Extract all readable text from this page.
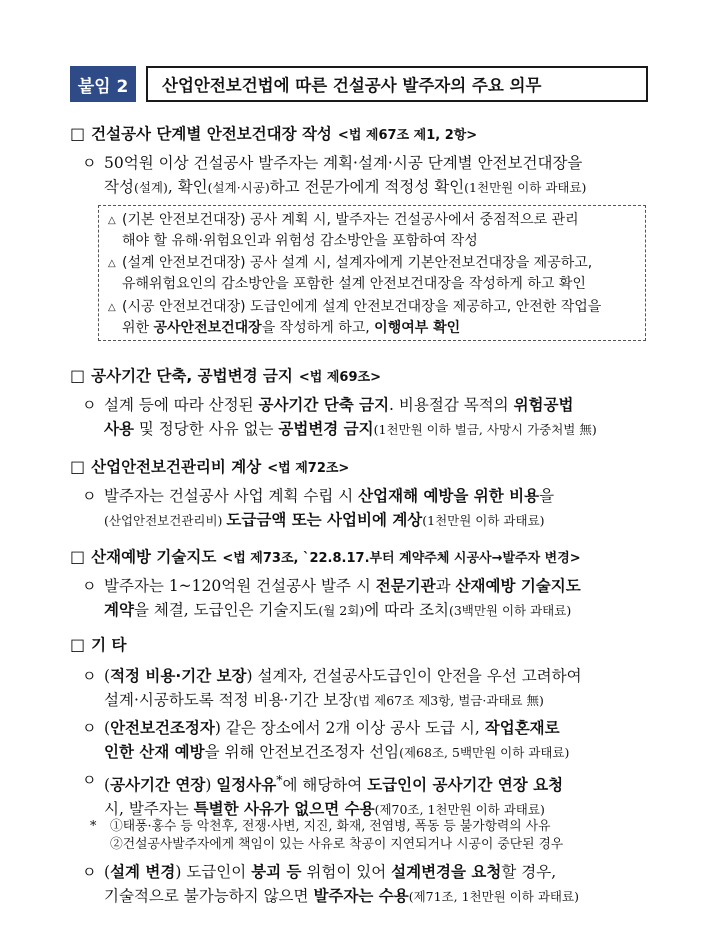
붙임 2	산업안전보건법에 따른 건설공사 발주자의 주요 의무
□ 건설공사 단계별 안전보건대장 작성 <법 제67조 제1, 2항>
ㅇ 50억원 이상 건설공사 발주자는 계획·설계·시공 단계별 안전보건대장을
작성(설계), 확인(설계·시공)하고 전문가에게 적정성 확인(1천만원 이하 과태료)
△ (기본 안전보건대장) 공사 계획 시, 발주자는 건설공사에서 중점적으로 관리
해야 할 유해·위험요인과 위험성 감소방안을 포함하여 작성
△ (설계 안전보건대장) 공사 설계 시, 설계자에게 기본안전보건대장을 제공하고,
유해위험요인의 감소방안을 포함한 설계 안전보건대장을 작성하게 하고 확인
△ (시공 안전보건대장) 도급인에게 설계 안전보건대장을 제공하고, 안전한 작업을
위한 공사안전보건대장을 작성하게 하고, 이행여부 확인
□ 공사기간 단축, 공법변경 금지 <법 제69조>
ㅇ 설계 등에 따라 산정된 공사기간 단축 금지. 비용절감 목적의 위험공법
사용 및 정당한 사유 없는 공법변경 금지(1천만원 이하 벌금, 사망시 가중처벌 無)
□ 산업안전보건관리비 계상 <법 제72조>
ㅇ 발주자는 건설공사 사업 계획 수립 시 산업재해 예방을 위한 비용을
(산업안전보건관리비) 도급금액 또는 사업비에 계상(1천만원 이하 과태료)
□ 산재예방 기술지도 <법 제73조, `22.8.17.부터 계약주체 시공사→발주자 변경>
ㅇ 발주자는 1~120억원 건설공사 발주 시 전문기관과 산재예방 기술지도
계약을 체결, 도급인은 기술지도(월 2회)에 따라 조치(3백만원 이하 과태료)
□ 기 타
ㅇ (적정 비용·기간 보장) 설계자, 건설공사도급인이 안전을 우선 고려하여
설계·시공하도록 적정 비용·기간 보장(법 제67조 제3항, 벌금·과태료 無)
ㅇ (안전보건조정자) 같은 장소에서 2개 이상 공사 도급 시, 작업혼재로
인한 산재 예방을 위해 안전보건조정자 선임(제68조, 5백만원 이하 과태료)
ㅇ (공사기간 연장) 일정사유*에 해당하여 도급인이 공사기간 연장 요청
시, 발주자는 특별한 사유가 없으면 수용(제70조, 1천만원 이하 과태료)
* ①태풍·홍수 등 악천후, 전쟁·사변, 지진, 화재, 전염병, 폭동 등 불가항력의 사유
②건설공사발주자에게 책임이 있는 사유로 착공이 지연되거나 시공이 중단된 경우
ㅇ (설계 변경) 도급인이 붕괴 등 위험이 있어 설계변경을 요청할 경우,
기술적으로 불가능하지 않으면 발주자는 수용(제71조, 1천만원 이하 과태료)
